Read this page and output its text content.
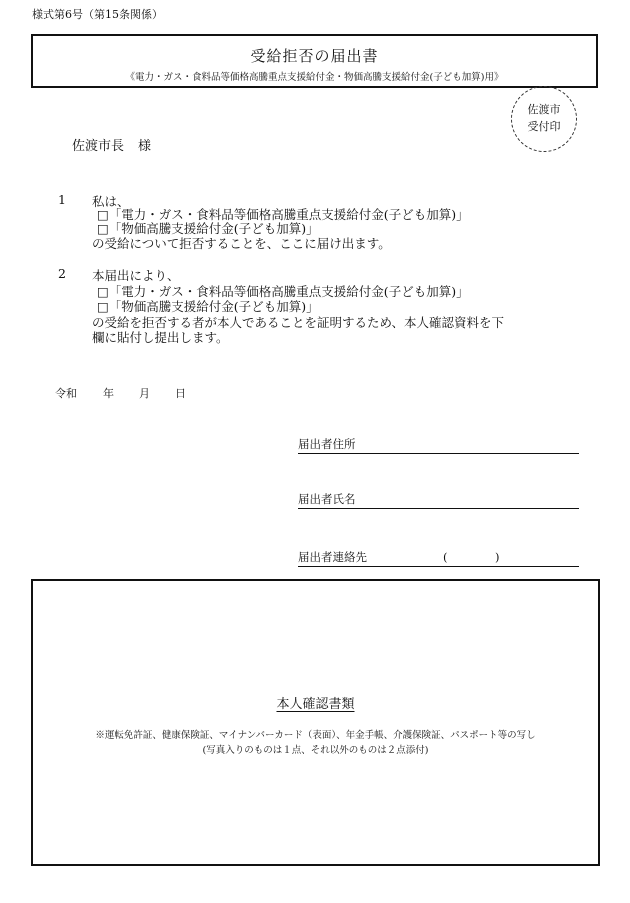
様式第6号（第15条関係）
受給拒否の届出書
《電力・ガス・食料品等価格高騰重点支援給付金・物価高騰支援給付金(子ども加算)用》
佐渡市
受付印
佐渡市長 様
1 私は、
□「電力・ガス・食料品等価格高騰重点支援給付金(子ども加算)」
□「物価高騰支援給付金(子ども加算)」
の受給について拒否することを、ここに届け出ます。
2 本届出により、
□「電力・ガス・食料品等価格高騰重点支援給付金(子ども加算)」
□「物価高騰支援給付金(子ども加算)」
の受給を拒否する者が本人であることを証明するため、本人確認資料を下
欄に貼付し提出します。
令和 年 月 日
届出者住所
届出者氏名
届出者連絡先	(	)
本人確認書類
※運転免許証、健康保険証、マイナンバーカード（表面）、年金手帳、介護保険証、パスポート等の写し
(写真入りのものは１点、それ以外のものは２点添付)
